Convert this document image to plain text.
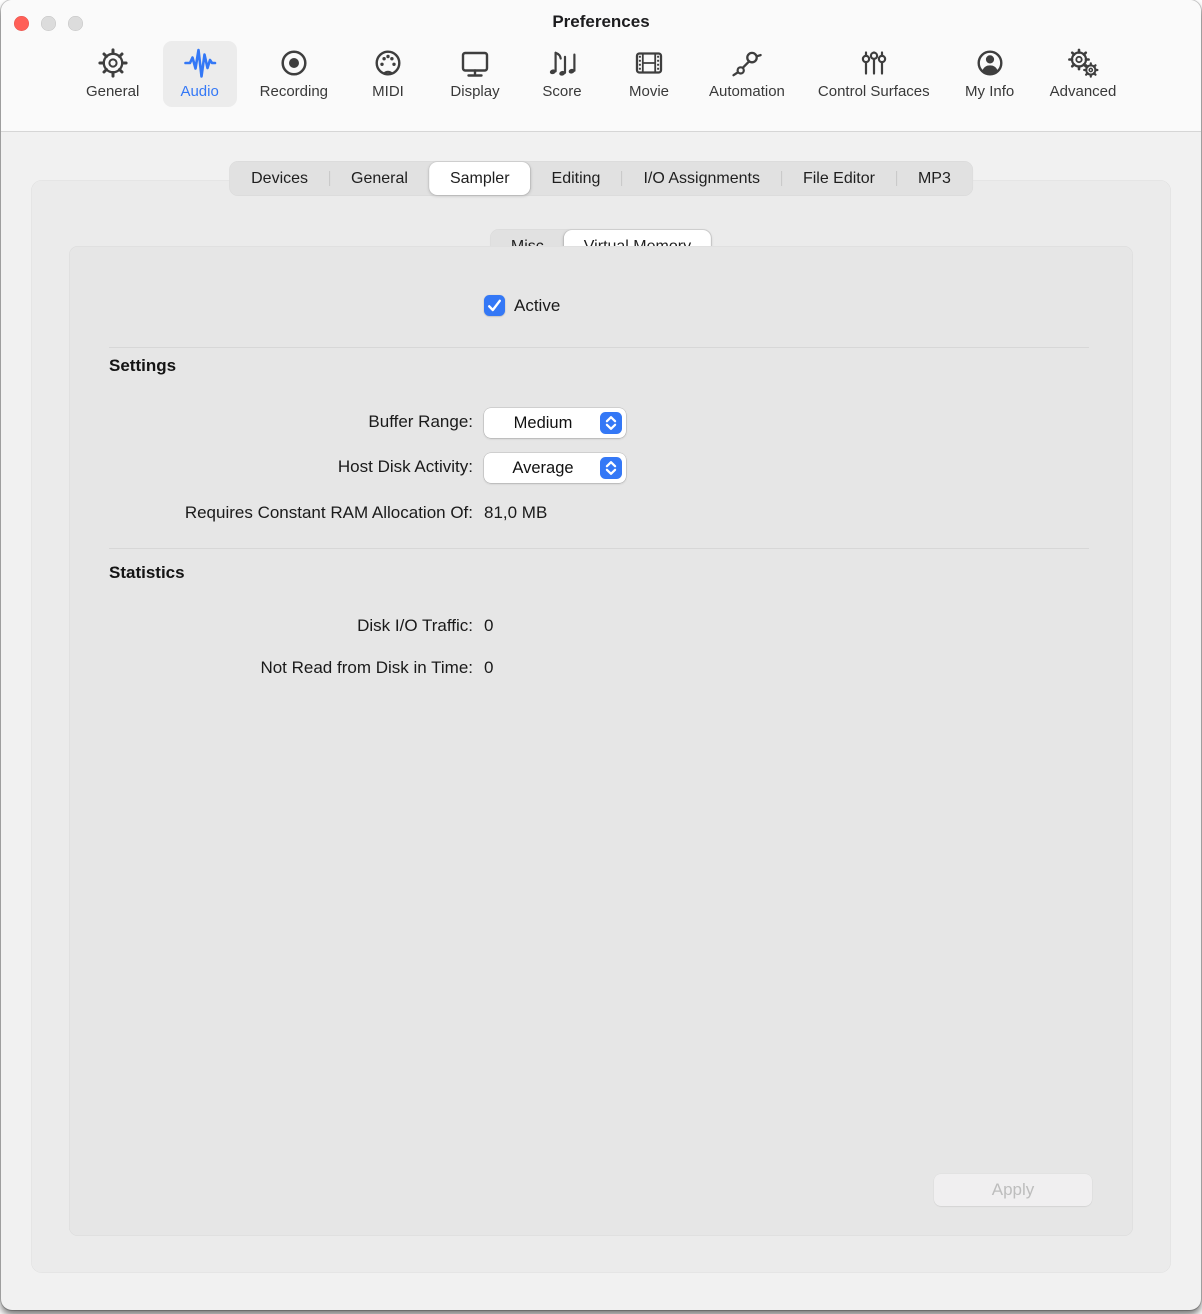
Preferences
General	Audio	Recording	MIDI	Display	Score	Movie	Automation Control Surfaces My Info Advanced
Devices	General	Sampler	Editing	I/O Assignments	File Editor	MP3
Active
Settings
Buffer Range:	Medium
Host Disk Activity:	Average
Requires Constant RAM Allocation Of: 81,0 MB
Statistics
Disk I/O Traffic: 0
Not Read from Disk in Time: 0
Apply
